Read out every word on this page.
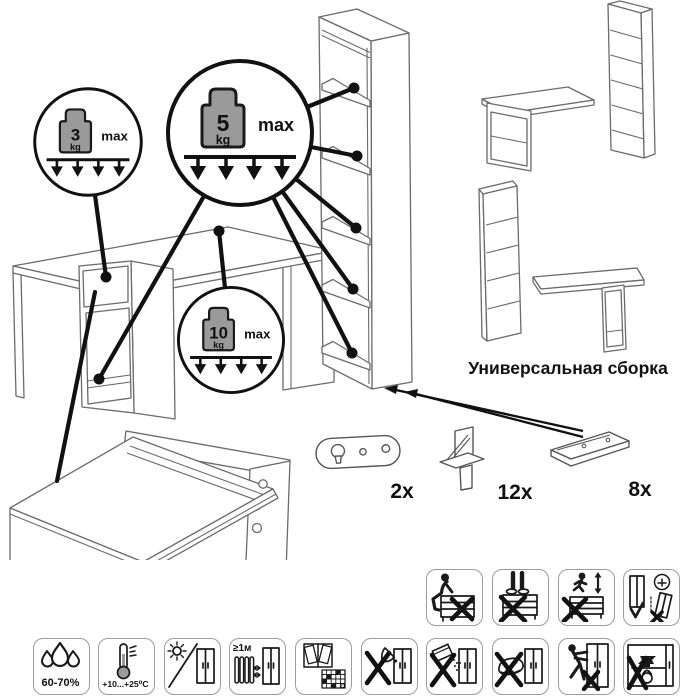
3
kg
max
5
kg
max
10
kg
max
2x	12x	8x
Универсальная сборка
60-70%	+10...+25⁰C
≥1м
21
